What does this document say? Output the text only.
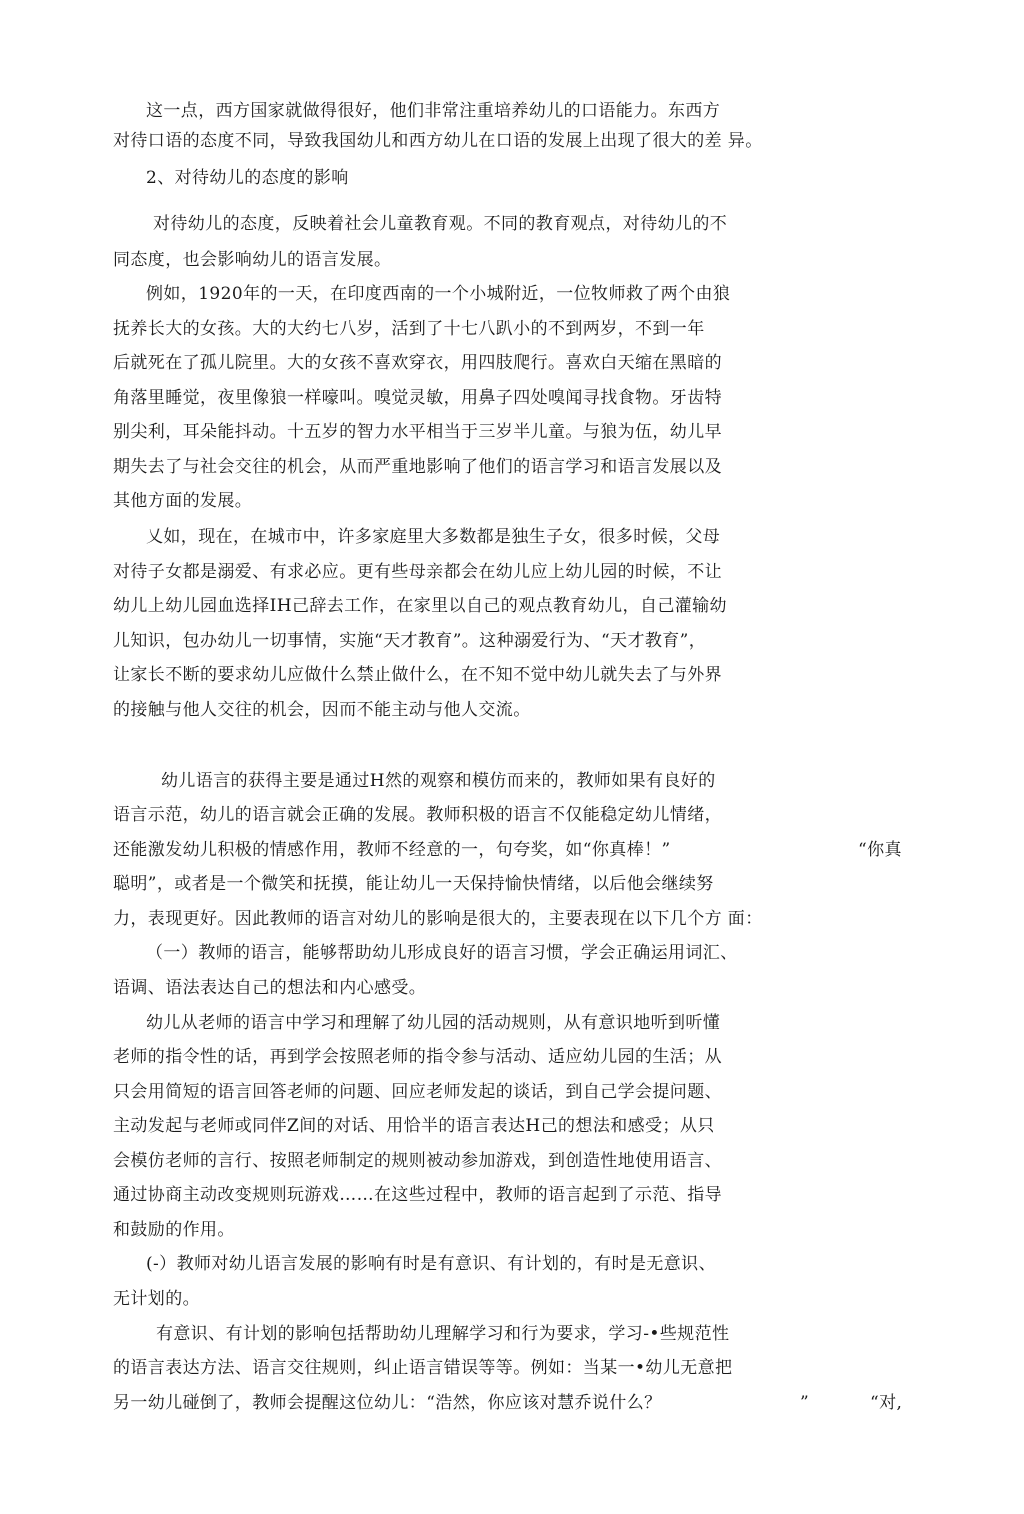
这一点，西方国家就做得很好，他们非常注重培养幼儿的口语能力。东西方
对待口语的态度不同，导致我国幼儿和西方幼儿在口语的发展上出现了很大的差 异。
2、对待幼儿的态度的影响
对待幼儿的态度，反映着社会儿童教育观。不同的教育观点，对待幼儿的不
同态度，也会影响幼儿的语言发展。
例如，1920年的一天，在印度西南的一个小城附近，一位牧师救了两个由狼
抚养长大的女孩。大的大约七八岁，活到了十七八趴小的不到两岁，不到一年
后就死在了孤儿院里。大的女孩不喜欢穿衣，用四肢爬行。喜欢白天缩在黑暗的
角落里睡觉，夜里像狼一样嚎叫。嗅觉灵敏，用鼻子四处嗅闻寻找食物。牙齿特
别尖利，耳朵能抖动。十五岁的智力水平相当于三岁半儿童。与狼为伍，幼儿早
期失去了与社会交往的机会，从而严重地影响了他们的语言学习和语言发展以及
其他方面的发展。
乂如，现在，在城市中，许多家庭里大多数都是独生子女，很多时候，父母
对待子女都是溺爱、有求必应。更有些母亲都会在幼儿应上幼儿园的时候，不让
幼儿上幼儿园血选择IH己辞去工作，在家里以自己的观点教育幼儿，自己灌输幼
儿知识，包办幼儿一切事情，实施“天才教育”。这种溺爱行为、“天才教育”，
让家长不断的要求幼儿应做什么禁止做什么，在不知不觉中幼儿就失去了与外界
的接触与他人交往的机会，因而不能主动与他人交流。
幼儿语言的获得主要是通过H然的观察和模仿而来的，教师如果有良好的
语言示范，幼儿的语言就会正确的发展。教师积极的语言不仅能稳定幼儿情绪，
还能激发幼儿积极的情感作用，教师不经意的一，句夸奖，如“你真棒！”	“你真
聪明”，或者是一个微笑和抚摸，能让幼儿一天保持愉快情绪，以后他会继续努
力，表现更好。因此教师的语言对幼儿的影响是很大的，主要表现在以下几个方 面：
（一）教师的语言，能够帮助幼儿形成良好的语言习惯，学会正确运用词汇、
语调、语法表达自己的想法和内心感受。
幼儿从老师的语言中学习和理解了幼儿园的活动规则，从有意识地听到听懂
老师的指令性的话，再到学会按照老师的指令参与活动、适应幼儿园的生活；从
只会用简短的语言回答老师的问题、回应老师发起的谈话，到自己学会提问题、
主动发起与老师或同伴Z间的对话、用恰半的语言表达H己的想法和感受；从只
会模仿老师的言行、按照老师制定的规则被动参加游戏，到创造性地使用语言、
通过协商主动改变规则玩游戏……在这些过程中，教师的语言起到了示范、指导
和鼓励的作用。
(-）教师对幼儿语言发展的影响有时是有意识、有计划的，有时是无意识、
无计划的。
有意识、有计划的影响包括帮助幼儿理解学习和行为要求，学习-•些规范性
的语言表达方法、语言交往规则，纠止语言错误等等。例如：当某一•幼儿无意把
另一幼儿碰倒了，教师会提醒这位幼儿：“浩然，你应该对慧乔说什么？	”	“对,
